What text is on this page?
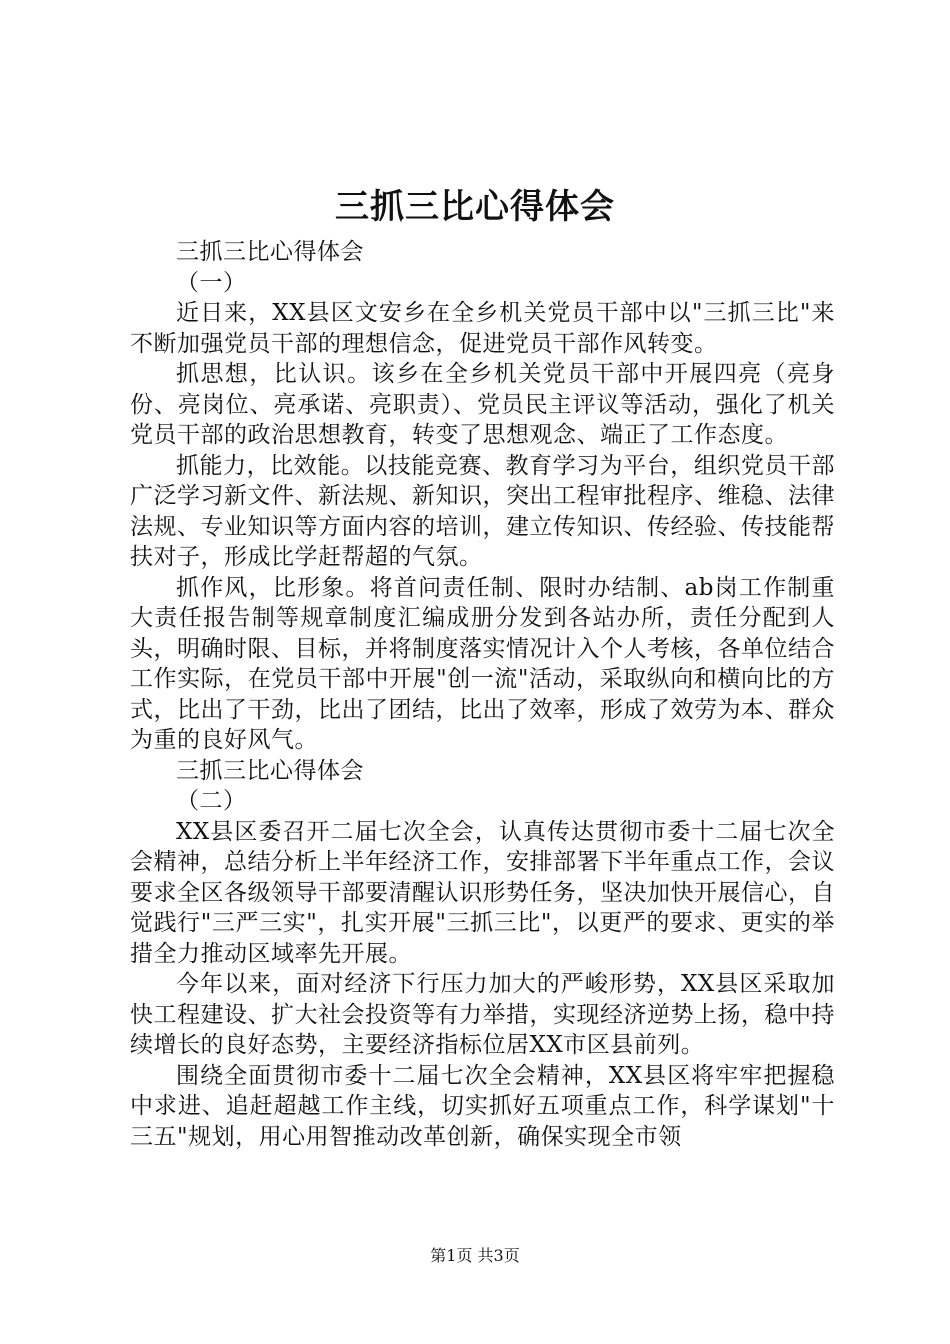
三抓三比心得体会

三抓三比心得体会

（一）

近日来，XX县区文安乡在全乡机关党员干部中以"三抓三比"来不断加强党员干部的理想信念，促进党员干部作风转变。

抓思想，比认识。该乡在全乡机关党员干部中开展四亮（亮身份、亮岗位、亮承诺、亮职责）、党员民主评议等活动，强化了机关党员干部的政治思想教育，转变了思想观念、端正了工作态度。

抓能力，比效能。以技能竞赛、教育学习为平台，组织党员干部广泛学习新文件、新法规、新知识，突出工程审批程序、维稳、法律法规、专业知识等方面内容的培训，建立传知识、传经验、传技能帮扶对子，形成比学赶帮超的气氛。

抓作风，比形象。将首问责任制、限时办结制、ab岗工作制重大责任报告制等规章制度汇编成册分发到各站办所，责任分配到人头，明确时限、目标，并将制度落实情况计入个人考核，各单位结合工作实际，在党员干部中开展"创一流"活动，采取纵向和横向比的方式，比出了干劲，比出了团结，比出了效率，形成了效劳为本、群众为重的良好风气。

三抓三比心得体会

（二）

XX县区委召开二届七次全会，认真传达贯彻市委十二届七次全会精神，总结分析上半年经济工作，安排部署下半年重点工作，会议要求全区各级领导干部要清醒认识形势任务，坚决加快开展信心，自觉践行"三严三实"，扎实开展"三抓三比"，以更严的要求、更实的举措全力推动区域率先开展。

今年以来，面对经济下行压力加大的严峻形势，XX县区采取加快工程建设、扩大社会投资等有力举措，实现经济逆势上扬，稳中持续增长的良好态势，主要经济指标位居XX市区县前列。

围绕全面贯彻市委十二届七次全会精神，XX县区将牢牢把握稳中求进、追赶超越工作主线，切实抓好五项重点工作，科学谋划"十三五"规划，用心用智推动改革创新，确保实现全市领

第1页 共3页
